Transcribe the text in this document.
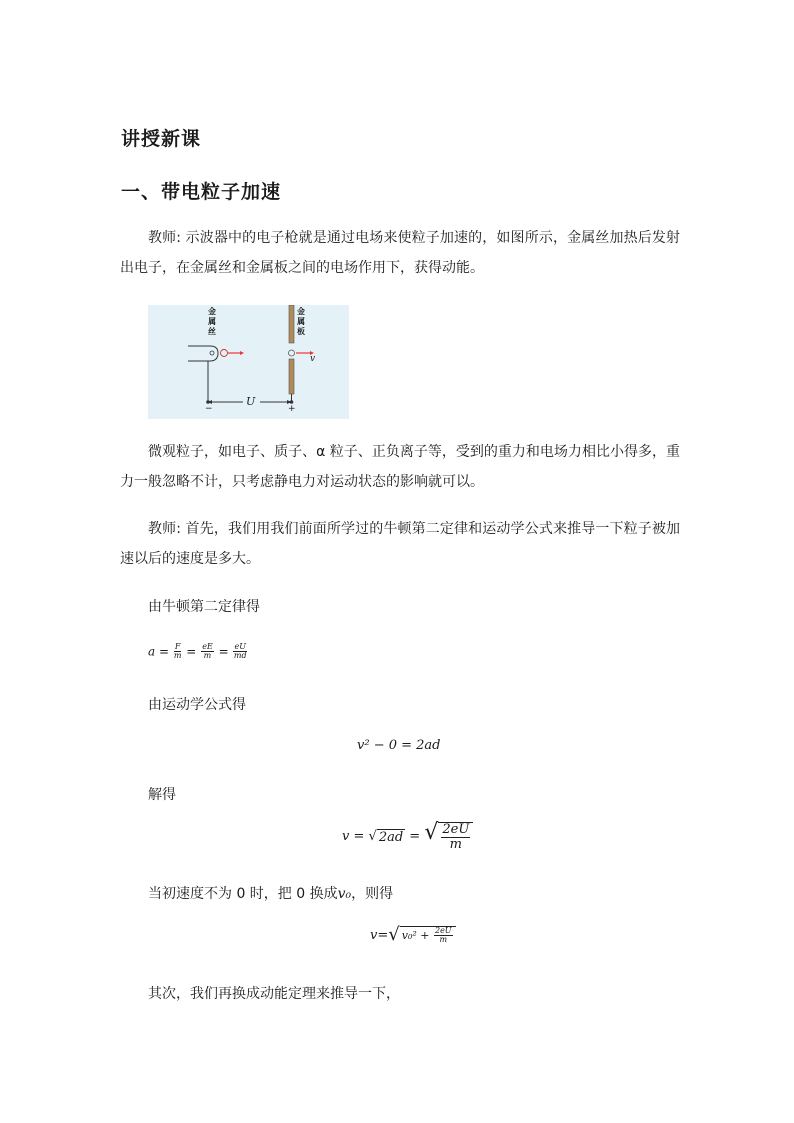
讲授新课
一、带电粒子加速
教师: 示波器中的电子枪就是通过电场来使粒子加速的，如图所示，金属丝加热后发射出电子，在金属丝和金属板之间的电场作用下，获得动能。
金属丝
金属板
v
U
−	+
微观粒子，如电子、质子、α 粒子、正负离子等，受到的重力和电场力相比小得多，重力一般忽略不计，只考虑静电力对运动状态的影响就可以。
教师: 首先，我们用我们前面所学过的牛顿第二定律和运动学公式来推导一下粒子被加速以后的速度是多大。
由牛顿第二定律得
$a = \frac{F}{m} = \frac{eE}{m} = \frac{eU}{md}$
由运动学公式得
v² − 0 = 2ad
解得
v = √ 2ad = √ $\frac{2eU}{m}$
当初速度不为 0 时，把 0 换成v₀，则得
v= √ $v_0^2 + \frac{2eU}{m}$
其次，我们再换成动能定理来推导一下，
